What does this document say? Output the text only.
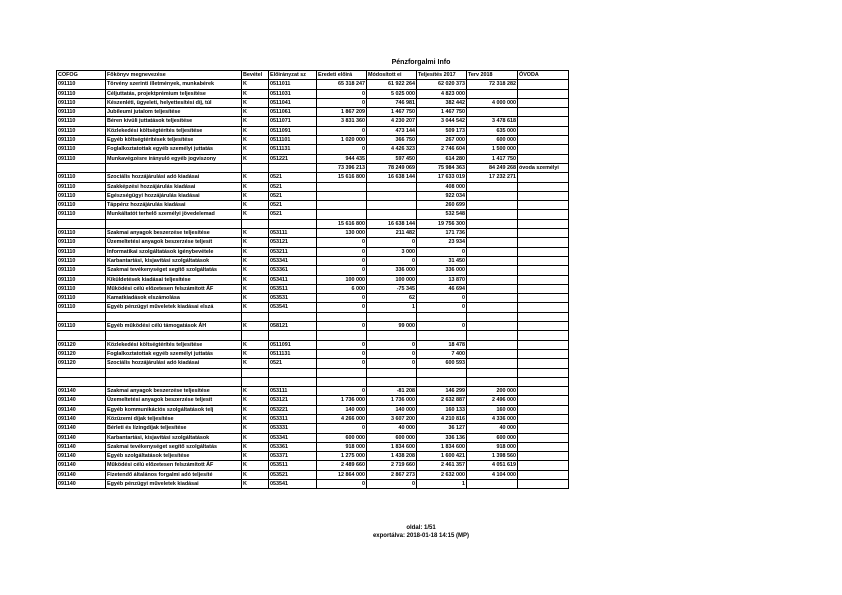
Pénzforgalmi Info
COFOG	Főkönyv megnevezése	Bevétel	Előirányzat sz	Eredeti előirá	Módosított ei	Teljesítés 2017	Terv 2018	ÓVODA
091110	Törvény szerinti illetmények, munkabérek	K	0511011	65 318 247	61 922 264	62 020 373	72 318 282	
091110	Céljuttatás, projektprémium teljesítése	K	0511031	0	5 025 000	4 823 000		
091110	Készenléti, ügyeleti, helyettesítési díj, túl	K	0511041	0	746 981	382 442	4 000 000	
091110	Jubileumi jutalom teljesítése	K	0511061	1 867 209	1 467 750	1 467 750		
091110	Béren kívüli juttatások teljesítése	K	0511071	3 831 360	4 230 207	3 044 542	3 478 618	
091110	Közlekedési költségtérítés teljesítése	K	0511091	0	473 144	509 173	635 000	
091110	Egyéb költségtérítések teljesítése	K	0511101	1 020 000	366 750	267 000	600 000	
091110	Foglalkoztatottak egyéb személyi juttatás	K	0511131	0	4 426 323	2 746 604	1 500 000	
091110	Munkavégzésre irányuló egyéb jogviszony	K	051221	944 435	597 450	614 280	1 417 750	
				73 396 213	78 249 069	75 984 363	84 249 268	óvoda személyi
091110	Szociális hozzájárulási adó kiadásai	K	0521	15 616 800	16 638 144	17 633 019	17 232 271	
091110	Szakképzési hozzájárulás kiadásai	K	0521			408 000		
091110	Egészségügyi hozzájárulás kiadásai	K	0521			922 034		
091110	Táppénz hozzájárulás kiadásai	K	0521			260 699		
091110	Munkáltatót terhelő személyi jövedelemad	K	0521			532 548		
				15 616 800	16 638 144	19 756 300		
091110	Szakmai anyagok beszerzése teljesítése	K	053111	130 000	211 482	171 736		
091110	Üzemeltetési anyagok beszerzése teljesít	K	053121	0	0	23 934		
091110	Informatikai szolgáltatások igénybevétele	K	053211	0	3 000	0		
091110	Karbantartási, kisjavítási szolgáltatások	K	053341	0	0	31 450		
091110	Szakmai tevékenységet segítő szolgáltatás	K	053361	0	336 000	336 000		
091110	Kiküldetések kiadásai teljesítése	K	053411	100 000	100 000	13 870		
091110	Működési célú előzetesen felszámított ÁF	K	053511	6 000	-75 345	46 694		
091110	Kamatkiadások elszámolása	K	053531	0	62	0		
091110	Egyéb pénzügyi műveletek kiadásai elszá	K	053541	0	1	0		

091110	Egyéb működési célú támogatások ÁH	K	058121	0	99 000	0		

091120	Közlekedési költségtérítés teljesítése	K	0511091	0	0	18 478		
091120	Foglalkoztatottak egyéb személyi juttatás	K	0511131	0	0	7 400		
091120	Szociális hozzájárulási adó kiadásai	K	0521	0	0	600 593		

091140	Szakmai anyagok beszerzése teljesítése	K	053111	0	-81 208	146 299	200 000	
091140	Üzemeltetési anyagok beszerzése teljesít	K	053121	1 736 000	1 736 000	2 632 887	2 496 000	
091140	Egyéb kommunikációs szolgáltatások telj	K	053221	140 000	140 000	160 133	160 000	
091140	Közüzemi díjak teljesítése	K	053311	4 266 000	3 607 200	4 210 816	4 336 000	
091140	Bérleti és lízingdíjak teljesítése	K	053331	0	40 000	36 127	40 000	
091140	Karbantartási, kisjavítási szolgáltatások	K	053341	600 000	600 000	336 136	600 000	
091140	Szakmai tevékenységet segítő szolgáltatás	K	053361	918 000	1 834 600	1 834 600	918 000	
091140	Egyéb szolgáltatások teljesítése	K	053371	1 275 000	1 438 208	1 600 421	1 398 560	
091140	Működési célú előzetesen felszámított ÁF	K	053511	2 489 660	2 719 660	2 461 357	4 051 619	
091140	Fizetendő általános forgalmi adó teljesíté	K	053521	12 864 000	2 867 273	2 632 000	4 104 000	
091140	Egyéb pénzügyi műveletek kiadásai	K	053541	0	0	1		
oldal: 1/51
exportálva: 2018-01-18 14:15 (MP)
